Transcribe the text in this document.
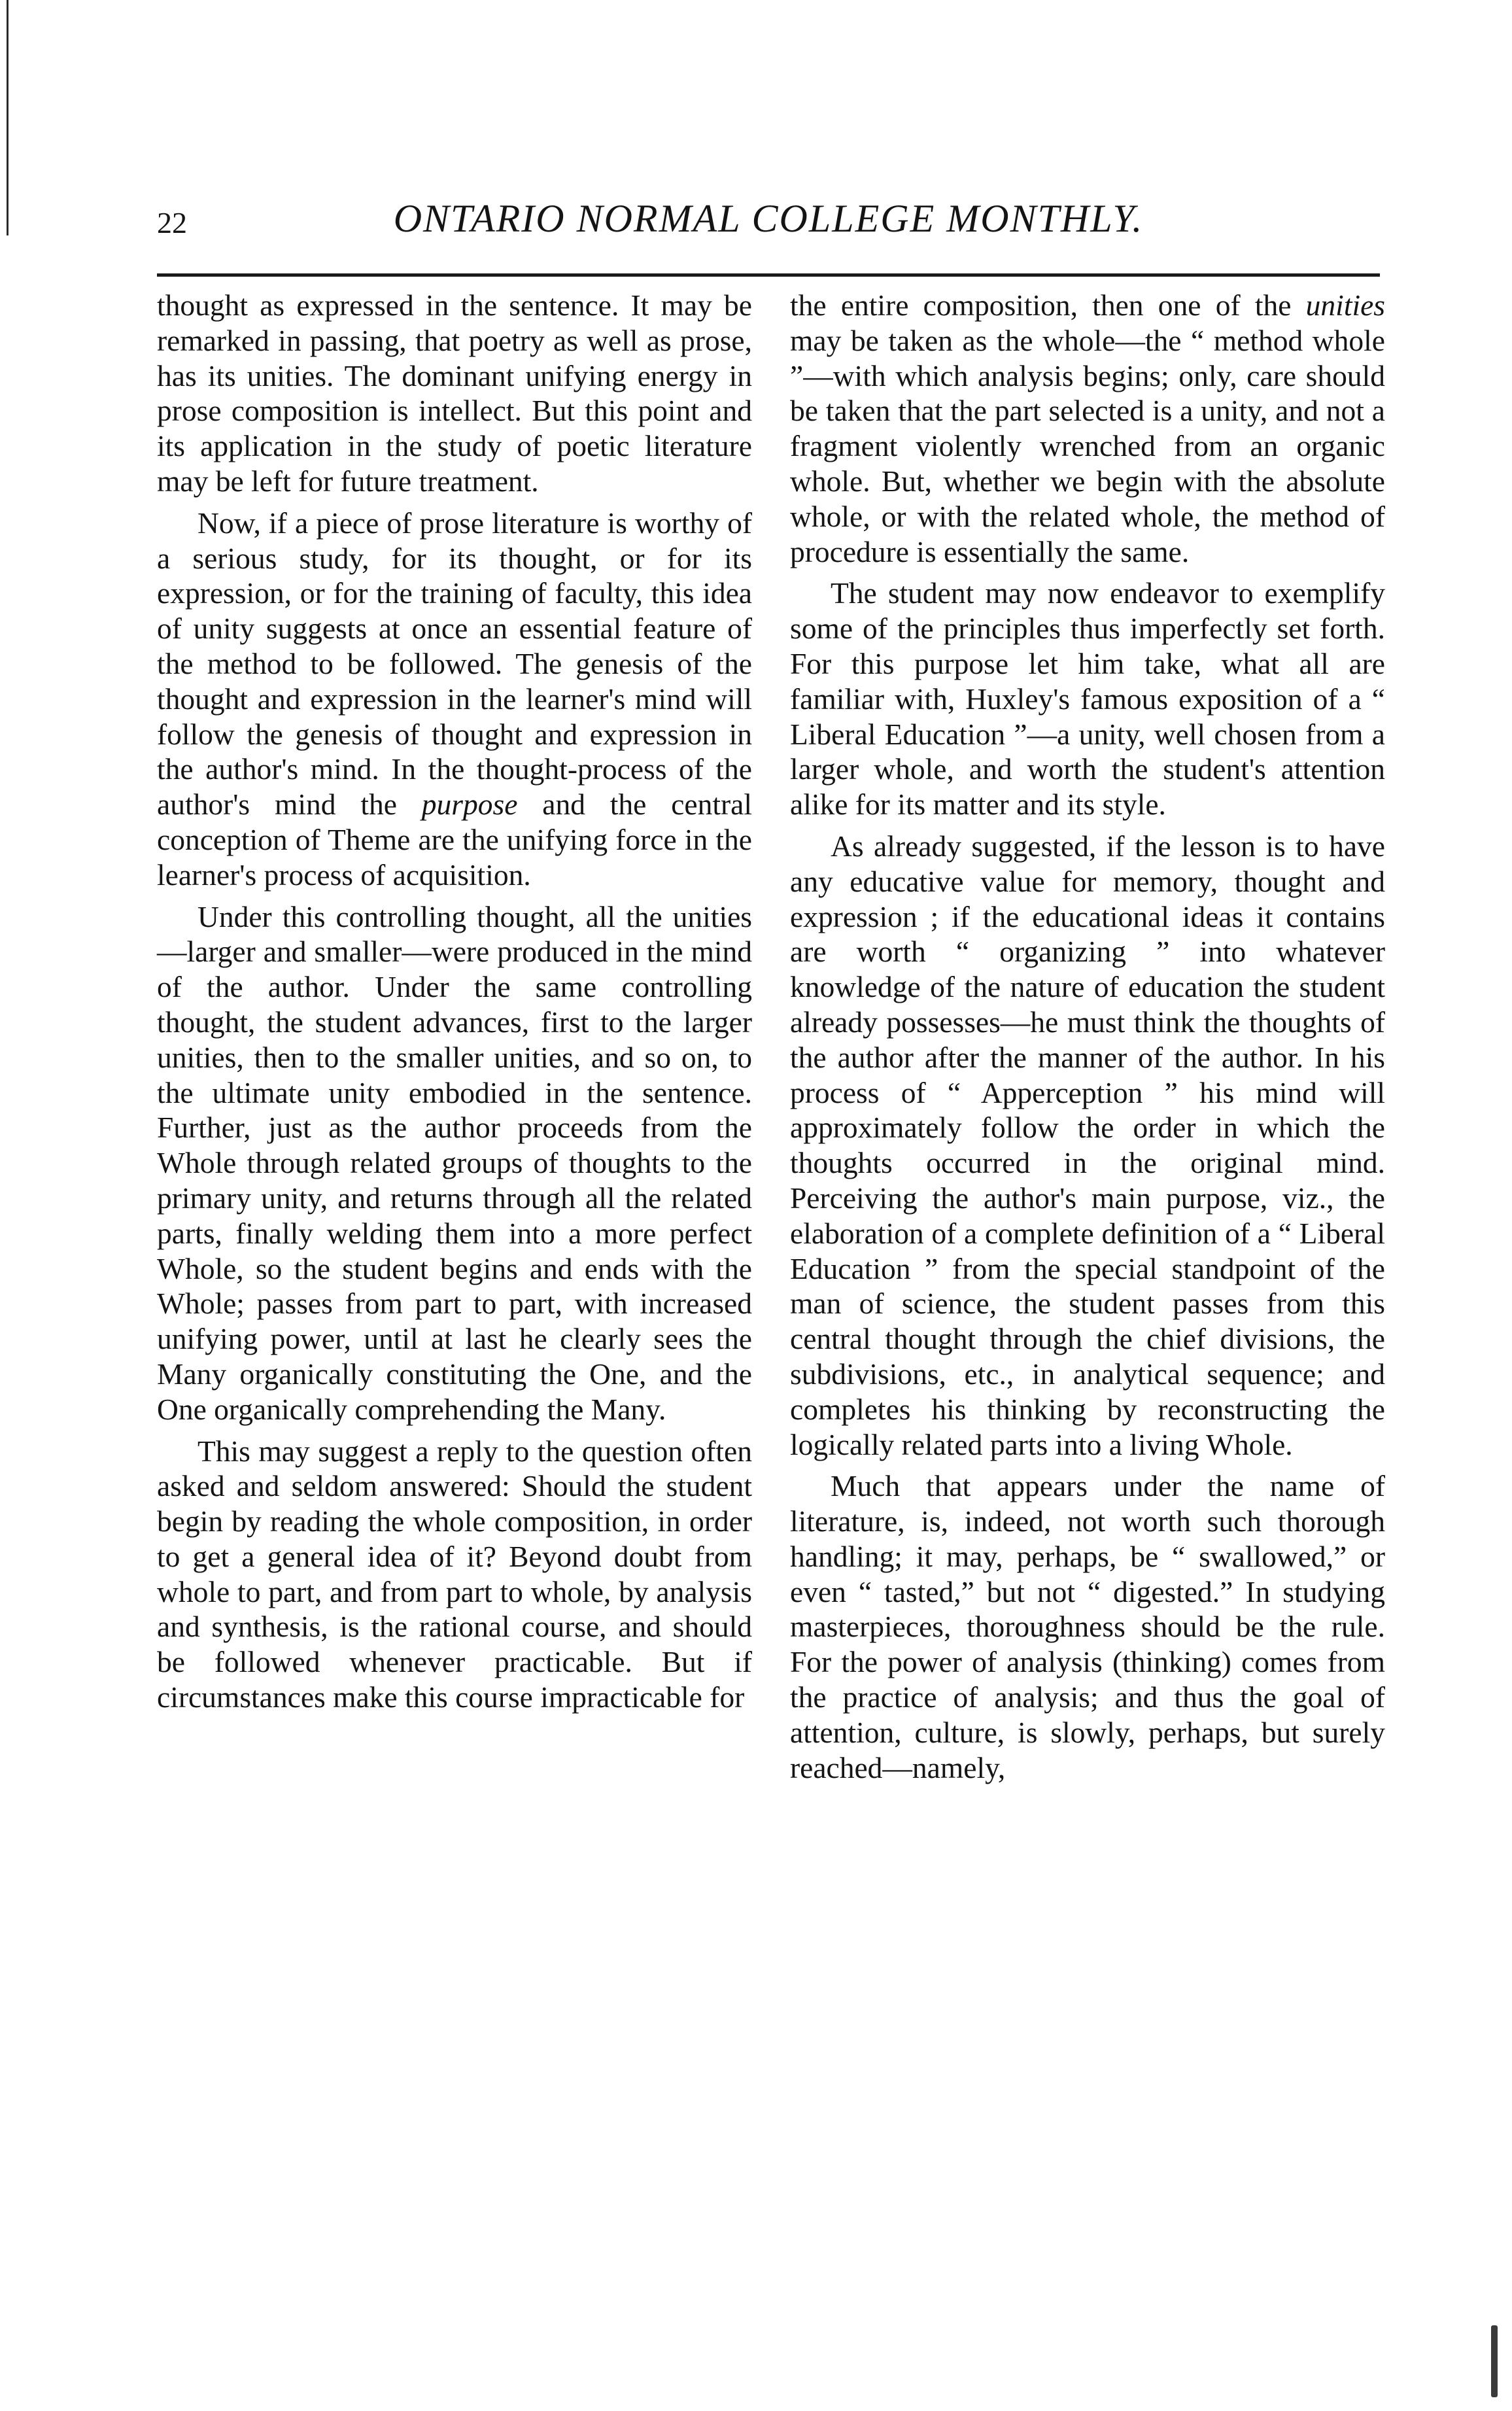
22	ONTARIO NORMAL COLLEGE MONTHLY.

thought as expressed in the sentence. It may be remarked in passing, that poetry as well as prose, has its unities. The dominant unifying energy in prose composition is intellect. But this point and its application in the study of poetic literature may be left for future treatment.

Now, if a piece of prose literature is worthy of a serious study, for its thought, or for its expression, or for the training of faculty, this idea of unity suggests at once an essential feature of the method to be followed. The genesis of the thought and expression in the learner's mind will follow the genesis of thought and expression in the author's mind. In the thought-process of the author's mind the purpose and the central conception of Theme are the unifying force in the learner's process of acquisition.

Under this controlling thought, all the unities—larger and smaller—were produced in the mind of the author. Under the same controlling thought, the student advances, first to the larger unities, then to the smaller unities, and so on, to the ultimate unity embodied in the sentence. Further, just as the author proceeds from the Whole through related groups of thoughts to the primary unity, and returns through all the related parts, finally welding them into a more perfect Whole, so the student begins and ends with the Whole; passes from part to part, with increased unifying power, until at last he clearly sees the Many organically constituting the One, and the One organically comprehending the Many.

This may suggest a reply to the question often asked and seldom answered: Should the student begin by reading the whole composition, in order to get a general idea of it? Beyond doubt from whole to part, and from part to whole, by analysis and synthesis, is the rational course, and should be followed whenever practicable. But if circumstances make this course impracticable for

the entire composition, then one of the unities may be taken as the whole—the “ method whole ”—with which analysis begins; only, care should be taken that the part selected is a unity, and not a fragment violently wrenched from an organic whole. But, whether we begin with the absolute whole, or with the related whole, the method of procedure is essentially the same.

The student may now endeavor to exemplify some of the principles thus imperfectly set forth. For this purpose let him take, what all are familiar with, Huxley's famous exposition of a “ Liberal Education ”—a unity, well chosen from a larger whole, and worth the student's attention alike for its matter and its style.

As already suggested, if the lesson is to have any educative value for memory, thought and expression ; if the educational ideas it contains are worth “ organizing ” into whatever knowledge of the nature of education the student already possesses—he must think the thoughts of the author after the manner of the author. In his process of “ Apperception ” his mind will approximately follow the order in which the thoughts occurred in the original mind. Perceiving the author's main purpose, viz., the elaboration of a complete definition of a “ Liberal Education ” from the special standpoint of the man of science, the student passes from this central thought through the chief divisions, the subdivisions, etc., in analytical sequence; and completes his thinking by reconstructing the logically related parts into a living Whole.

Much that appears under the name of literature, is, indeed, not worth such thorough handling; it may, perhaps, be “ swallowed,” or even “ tasted,” but not “ digested.” In studying masterpieces, thoroughness should be the rule. For the power of analysis (thinking) comes from the practice of analysis; and thus the goal of attention, culture, is slowly, perhaps, but surely reached—namely,
